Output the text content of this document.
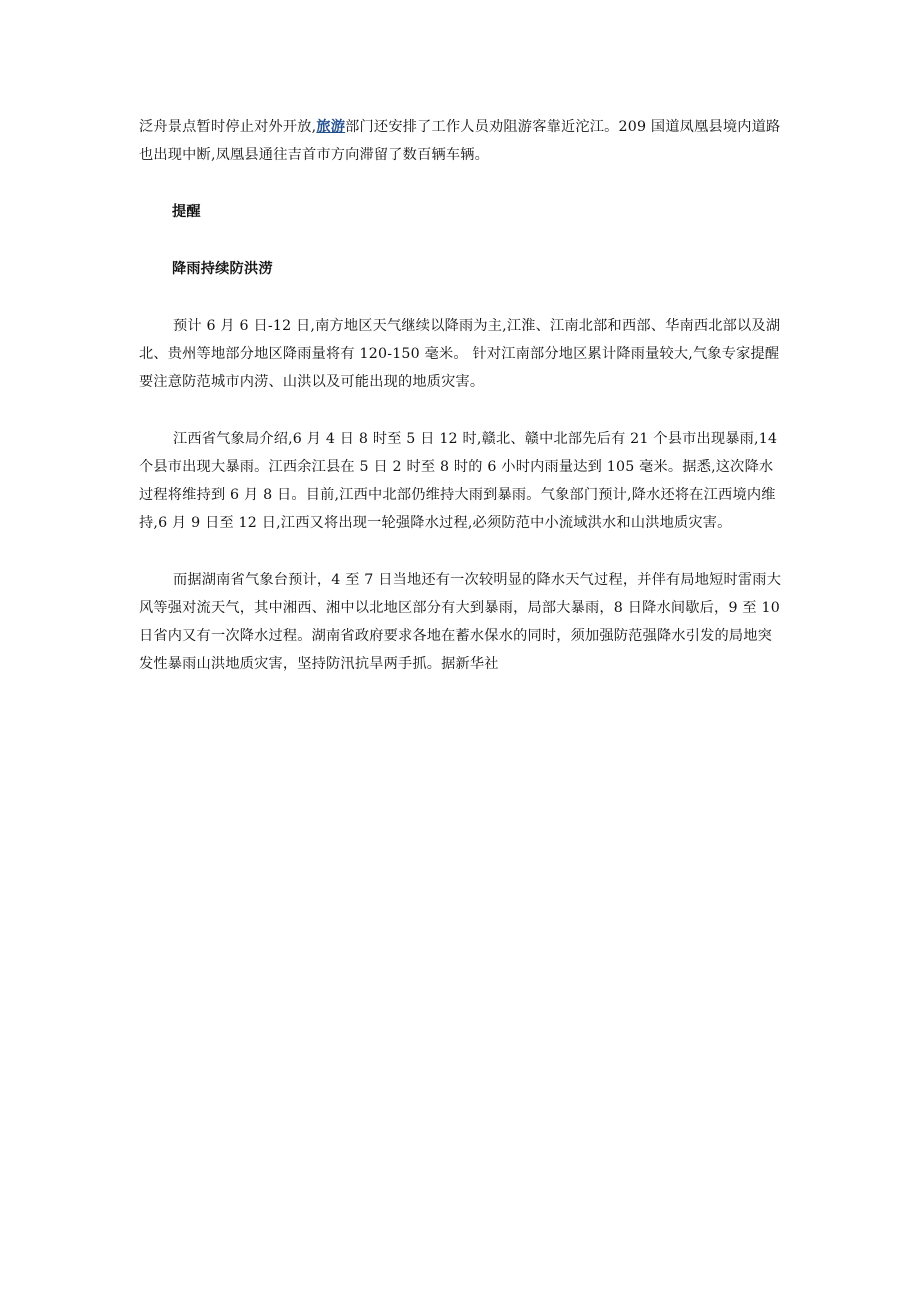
泛舟景点暂时停止对外开放,旅游部门还安排了工作人员劝阻游客靠近沱江。209 国道凤凰县境内道路也出现中断,凤凰县通往吉首市方向滞留了数百辆车辆。

提醒

降雨持续防洪涝

预计 6 月 6 日-12 日,南方地区天气继续以降雨为主,江淮、江南北部和西部、华南西北部以及湖北、贵州等地部分地区降雨量将有 120-150 毫米。 针对江南部分地区累计降雨量较大,气象专家提醒要注意防范城市内涝、山洪以及可能出现的地质灾害。

江西省气象局介绍,6 月 4 日 8 时至 5 日 12 时,赣北、赣中北部先后有 21 个县市出现暴雨,14 个县市出现大暴雨。江西余江县在 5 日 2 时至 8 时的 6 小时内雨量达到 105 毫米。据悉,这次降水过程将维持到 6 月 8 日。目前,江西中北部仍维持大雨到暴雨。气象部门预计,降水还将在江西境内维持,6 月 9 日至 12 日,江西又将出现一轮强降水过程,必须防范中小流域洪水和山洪地质灾害。

而据湖南省气象台预计，4 至 7 日当地还有一次较明显的降水天气过程，并伴有局地短时雷雨大风等强对流天气，其中湘西、湘中以北地区部分有大到暴雨，局部大暴雨，8 日降水间歇后，9 至 10 日省内又有一次降水过程。湖南省政府要求各地在蓄水保水的同时，须加强防范强降水引发的局地突发性暴雨山洪地质灾害，坚持防汛抗旱两手抓。据新华社
